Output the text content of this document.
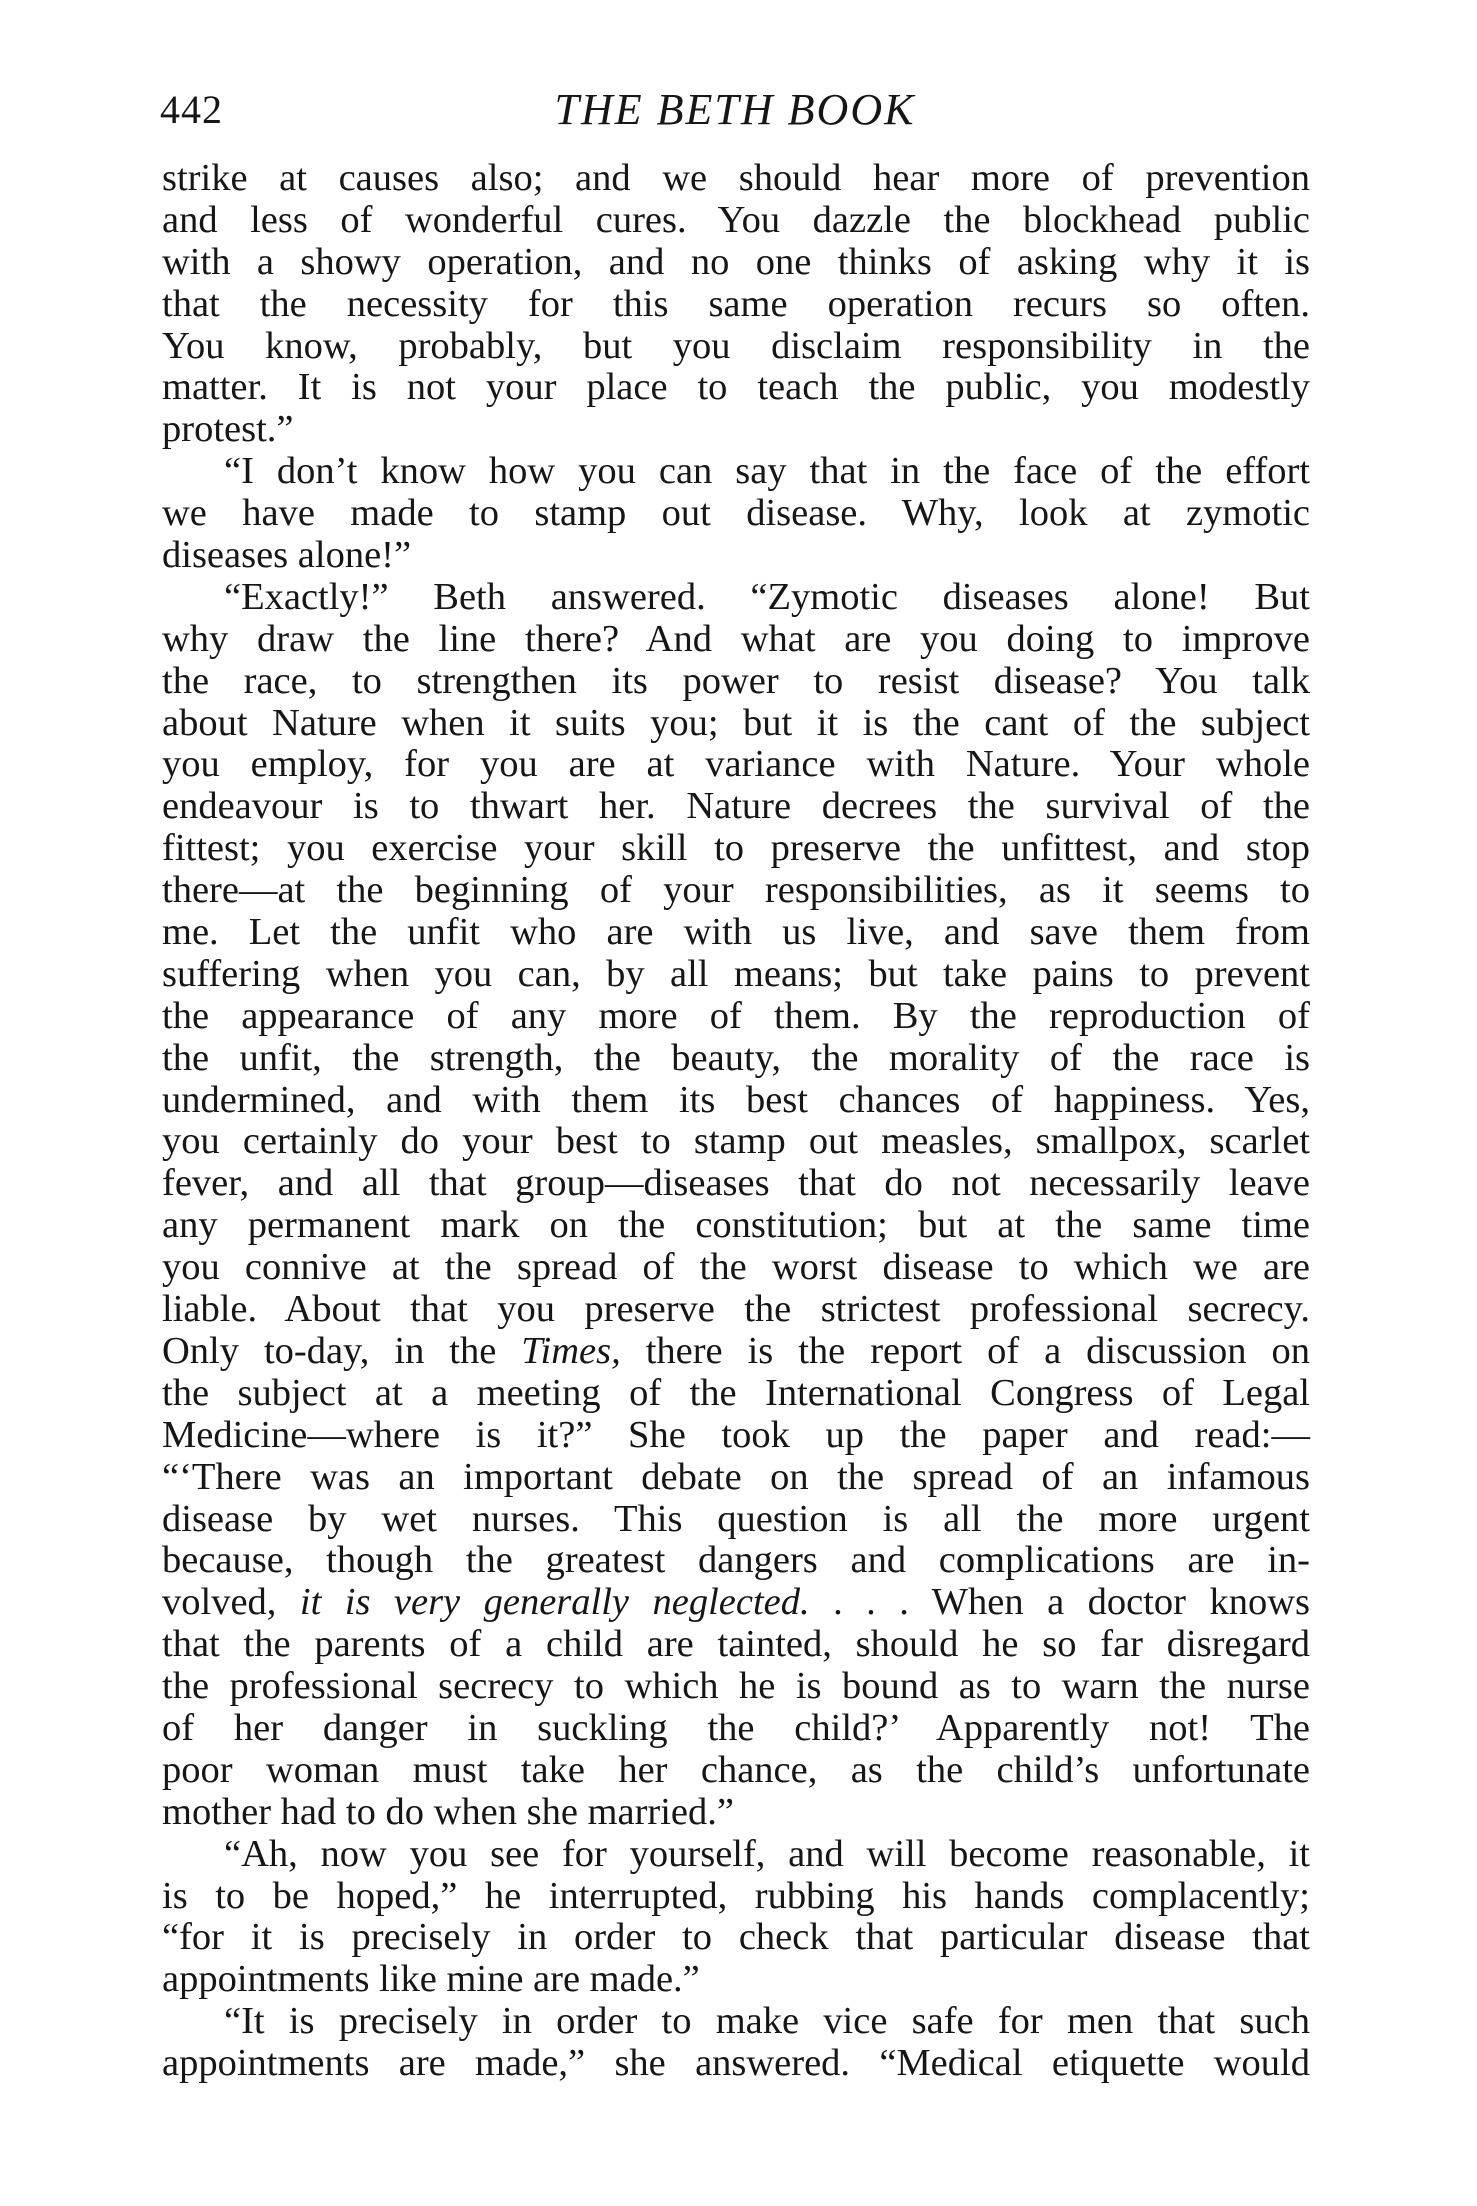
442	THE BETH BOOK
strike at causes also; and we should hear more of prevention
and less of wonderful cures. You dazzle the blockhead public
with a showy operation, and no one thinks of asking why it is
that the necessity for this same operation recurs so often.
You know, probably, but you disclaim responsibility in the
matter. It is not your place to teach the public, you modestly
protest.”
“I don’t know how you can say that in the face of the effort
we have made to stamp out disease. Why, look at zymotic
diseases alone!”
“Exactly!” Beth answered. “Zymotic diseases alone! But
why draw the line there? And what are you doing to improve
the race, to strengthen its power to resist disease? You talk
about Nature when it suits you; but it is the cant of the subject
you employ, for you are at variance with Nature. Your whole
endeavour is to thwart her. Nature decrees the survival of the
fittest; you exercise your skill to preserve the unfittest, and stop
there—at the beginning of your responsibilities, as it seems to
me. Let the unfit who are with us live, and save them from
suffering when you can, by all means; but take pains to prevent
the appearance of any more of them. By the reproduction of
the unfit, the strength, the beauty, the morality of the race is
undermined, and with them its best chances of happiness. Yes,
you certainly do your best to stamp out measles, smallpox, scarlet
fever, and all that group—diseases that do not necessarily leave
any permanent mark on the constitution; but at the same time
you connive at the spread of the worst disease to which we are
liable. About that you preserve the strictest professional secrecy.
Only to-day, in the Times, there is the report of a discussion on
the subject at a meeting of the International Congress of Legal
Medicine—where is it?” She took up the paper and read:—
“‘There was an important debate on the spread of an infamous
disease by wet nurses. This question is all the more urgent
because, though the greatest dangers and complications are in-
volved, it is very generally neglected. . . . When a doctor knows
that the parents of a child are tainted, should he so far disregard
the professional secrecy to which he is bound as to warn the nurse
of her danger in suckling the child?’ Apparently not! The
poor woman must take her chance, as the child’s unfortunate
mother had to do when she married.”
“Ah, now you see for yourself, and will become reasonable, it
is to be hoped,” he interrupted, rubbing his hands complacently;
“for it is precisely in order to check that particular disease that
appointments like mine are made.”
“It is precisely in order to make vice safe for men that such
appointments are made,” she answered. “Medical etiquette would
